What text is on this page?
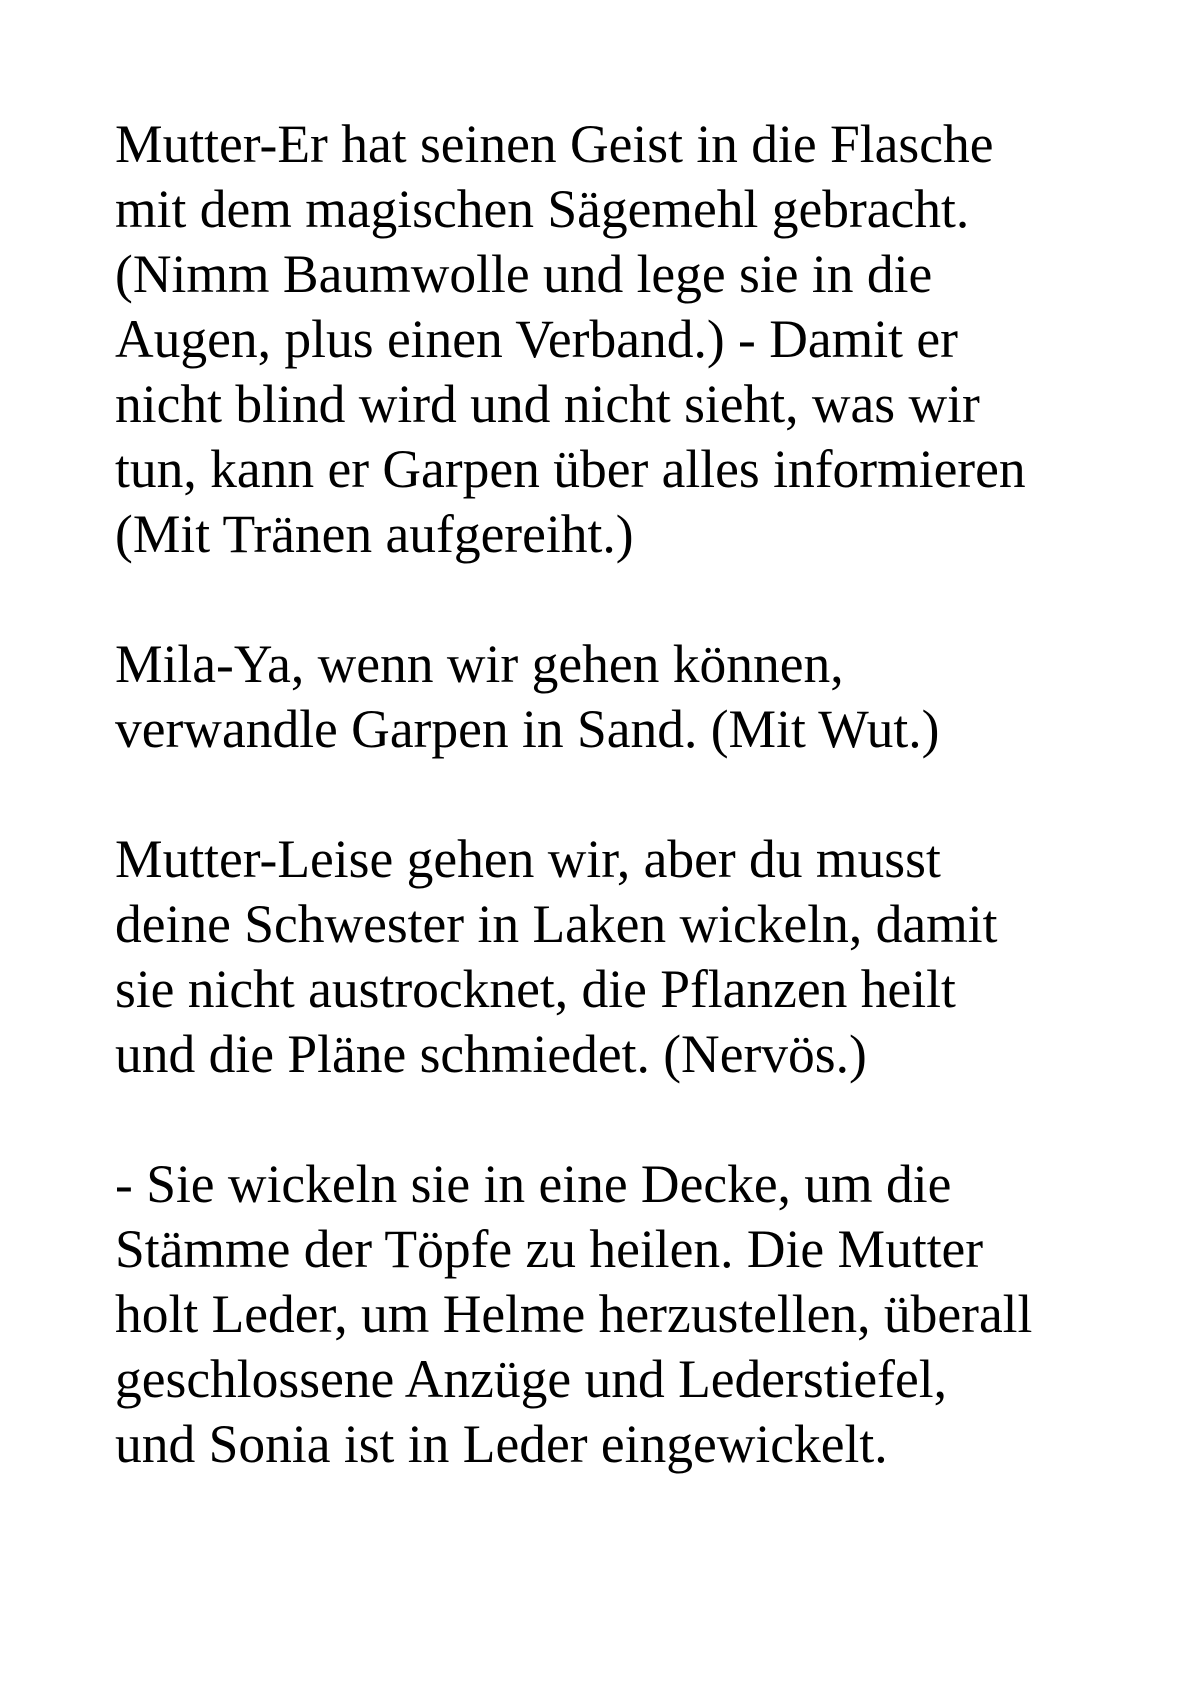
Mutter-Er hat seinen Geist in die Flasche
mit dem magischen Sägemehl gebracht.
(Nimm Baumwolle und lege sie in die
Augen, plus einen Verband.) - Damit er
nicht blind wird und nicht sieht, was wir
tun, kann er Garpen über alles informieren
(Mit Tränen aufgereiht.)

Mila-Ya, wenn wir gehen können,
verwandle Garpen in Sand. (Mit Wut.)

Mutter-Leise gehen wir, aber du musst
deine Schwester in Laken wickeln, damit
sie nicht austrocknet, die Pflanzen heilt
und die Pläne schmiedet. (Nervös.)

- Sie wickeln sie in eine Decke, um die
Stämme der Töpfe zu heilen. Die Mutter
holt Leder, um Helme herzustellen, überall
geschlossene Anzüge und Lederstiefel,
und Sonia ist in Leder eingewickelt.
